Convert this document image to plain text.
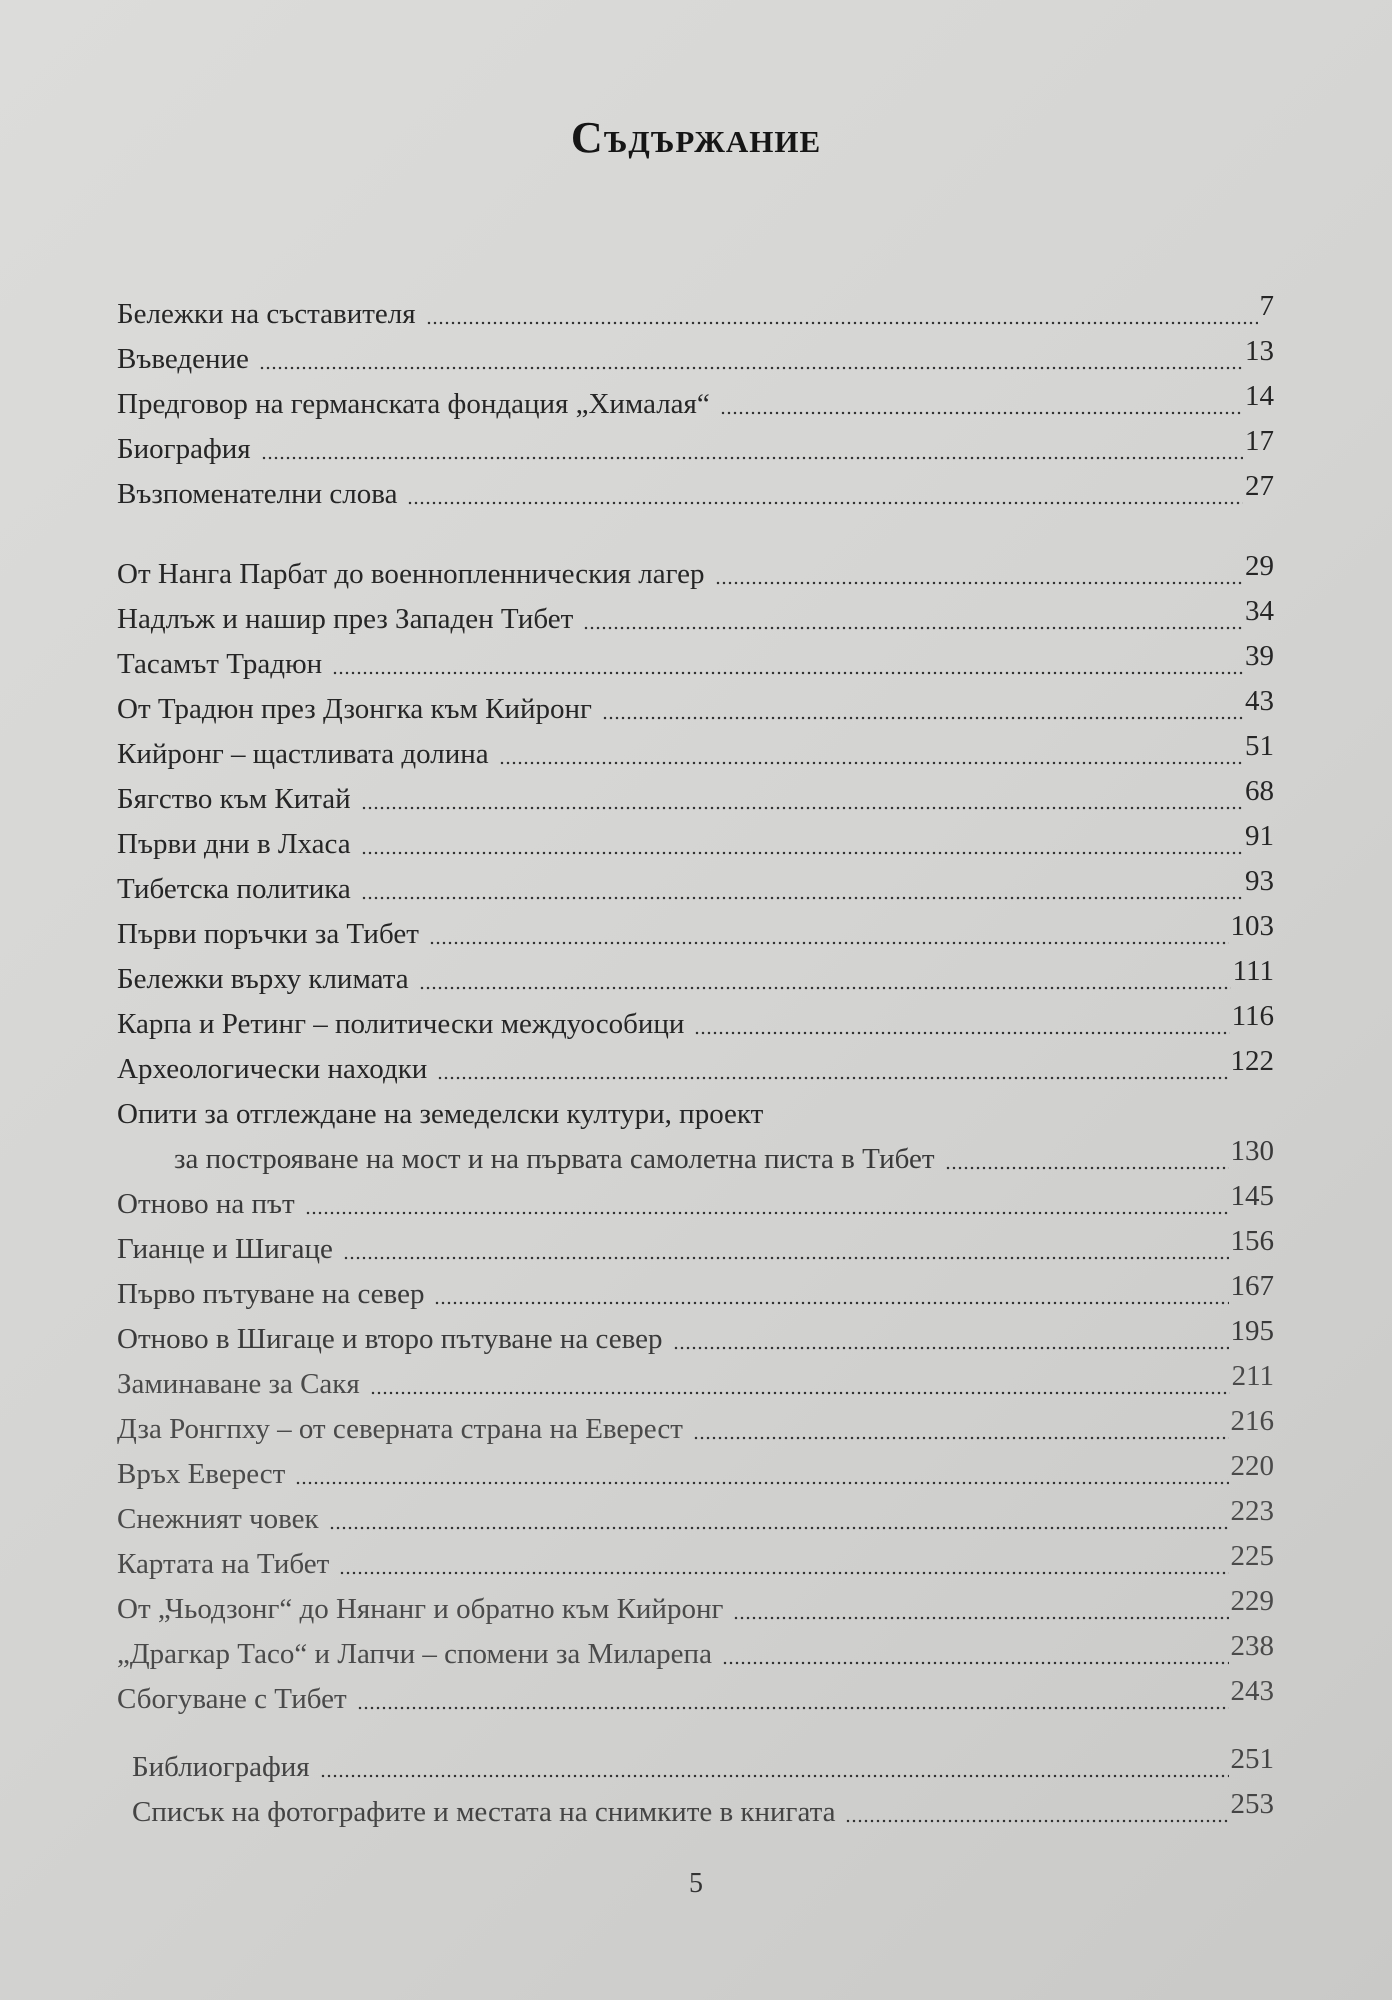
Съдържание
Бележки на съставителя	7
Въведение	13
Предговор на германската фондация „Хималая“	14
Биография	17
Възпоменателни слова	27
От Нанга Парбат до военнопленническия лагер	29
Надлъж и нашир през Западен Тибет	34
Тасамът Традюн	39
От Традюн през Дзонгка към Кийронг	43
Кийронг – щастливата долина	51
Бягство към Китай	68
Първи дни в Лхаса	91
Тибетска политика	93
Първи поръчки за Тибет	103
Бележки върху климата	111
Карпа и Ретинг – политически междуособици	116
Археологически находки	122
Опити за отглеждане на земеделски култури, проект
за построяване на мост и на първата самолетна писта в Тибет	130
Отново на път	145
Гианце и Шигаце	156
Първо пътуване на север	167
Отново в Шигаце и второ пътуване на север	195
Заминаване за Сакя	211
Дза Ронгпху – от северната страна на Еверест	216
Връх Еверест	220
Снежният човек	223
Картата на Тибет	225
От „Чьодзонг“ до Нянанг и обратно към Кийронг	229
„Драгкар Тасо“ и Лапчи – спомени за Миларепа	238
Сбогуване с Тибет	243
Библиография	251
Списък на фотографите и местата на снимките в книгата	253
5
